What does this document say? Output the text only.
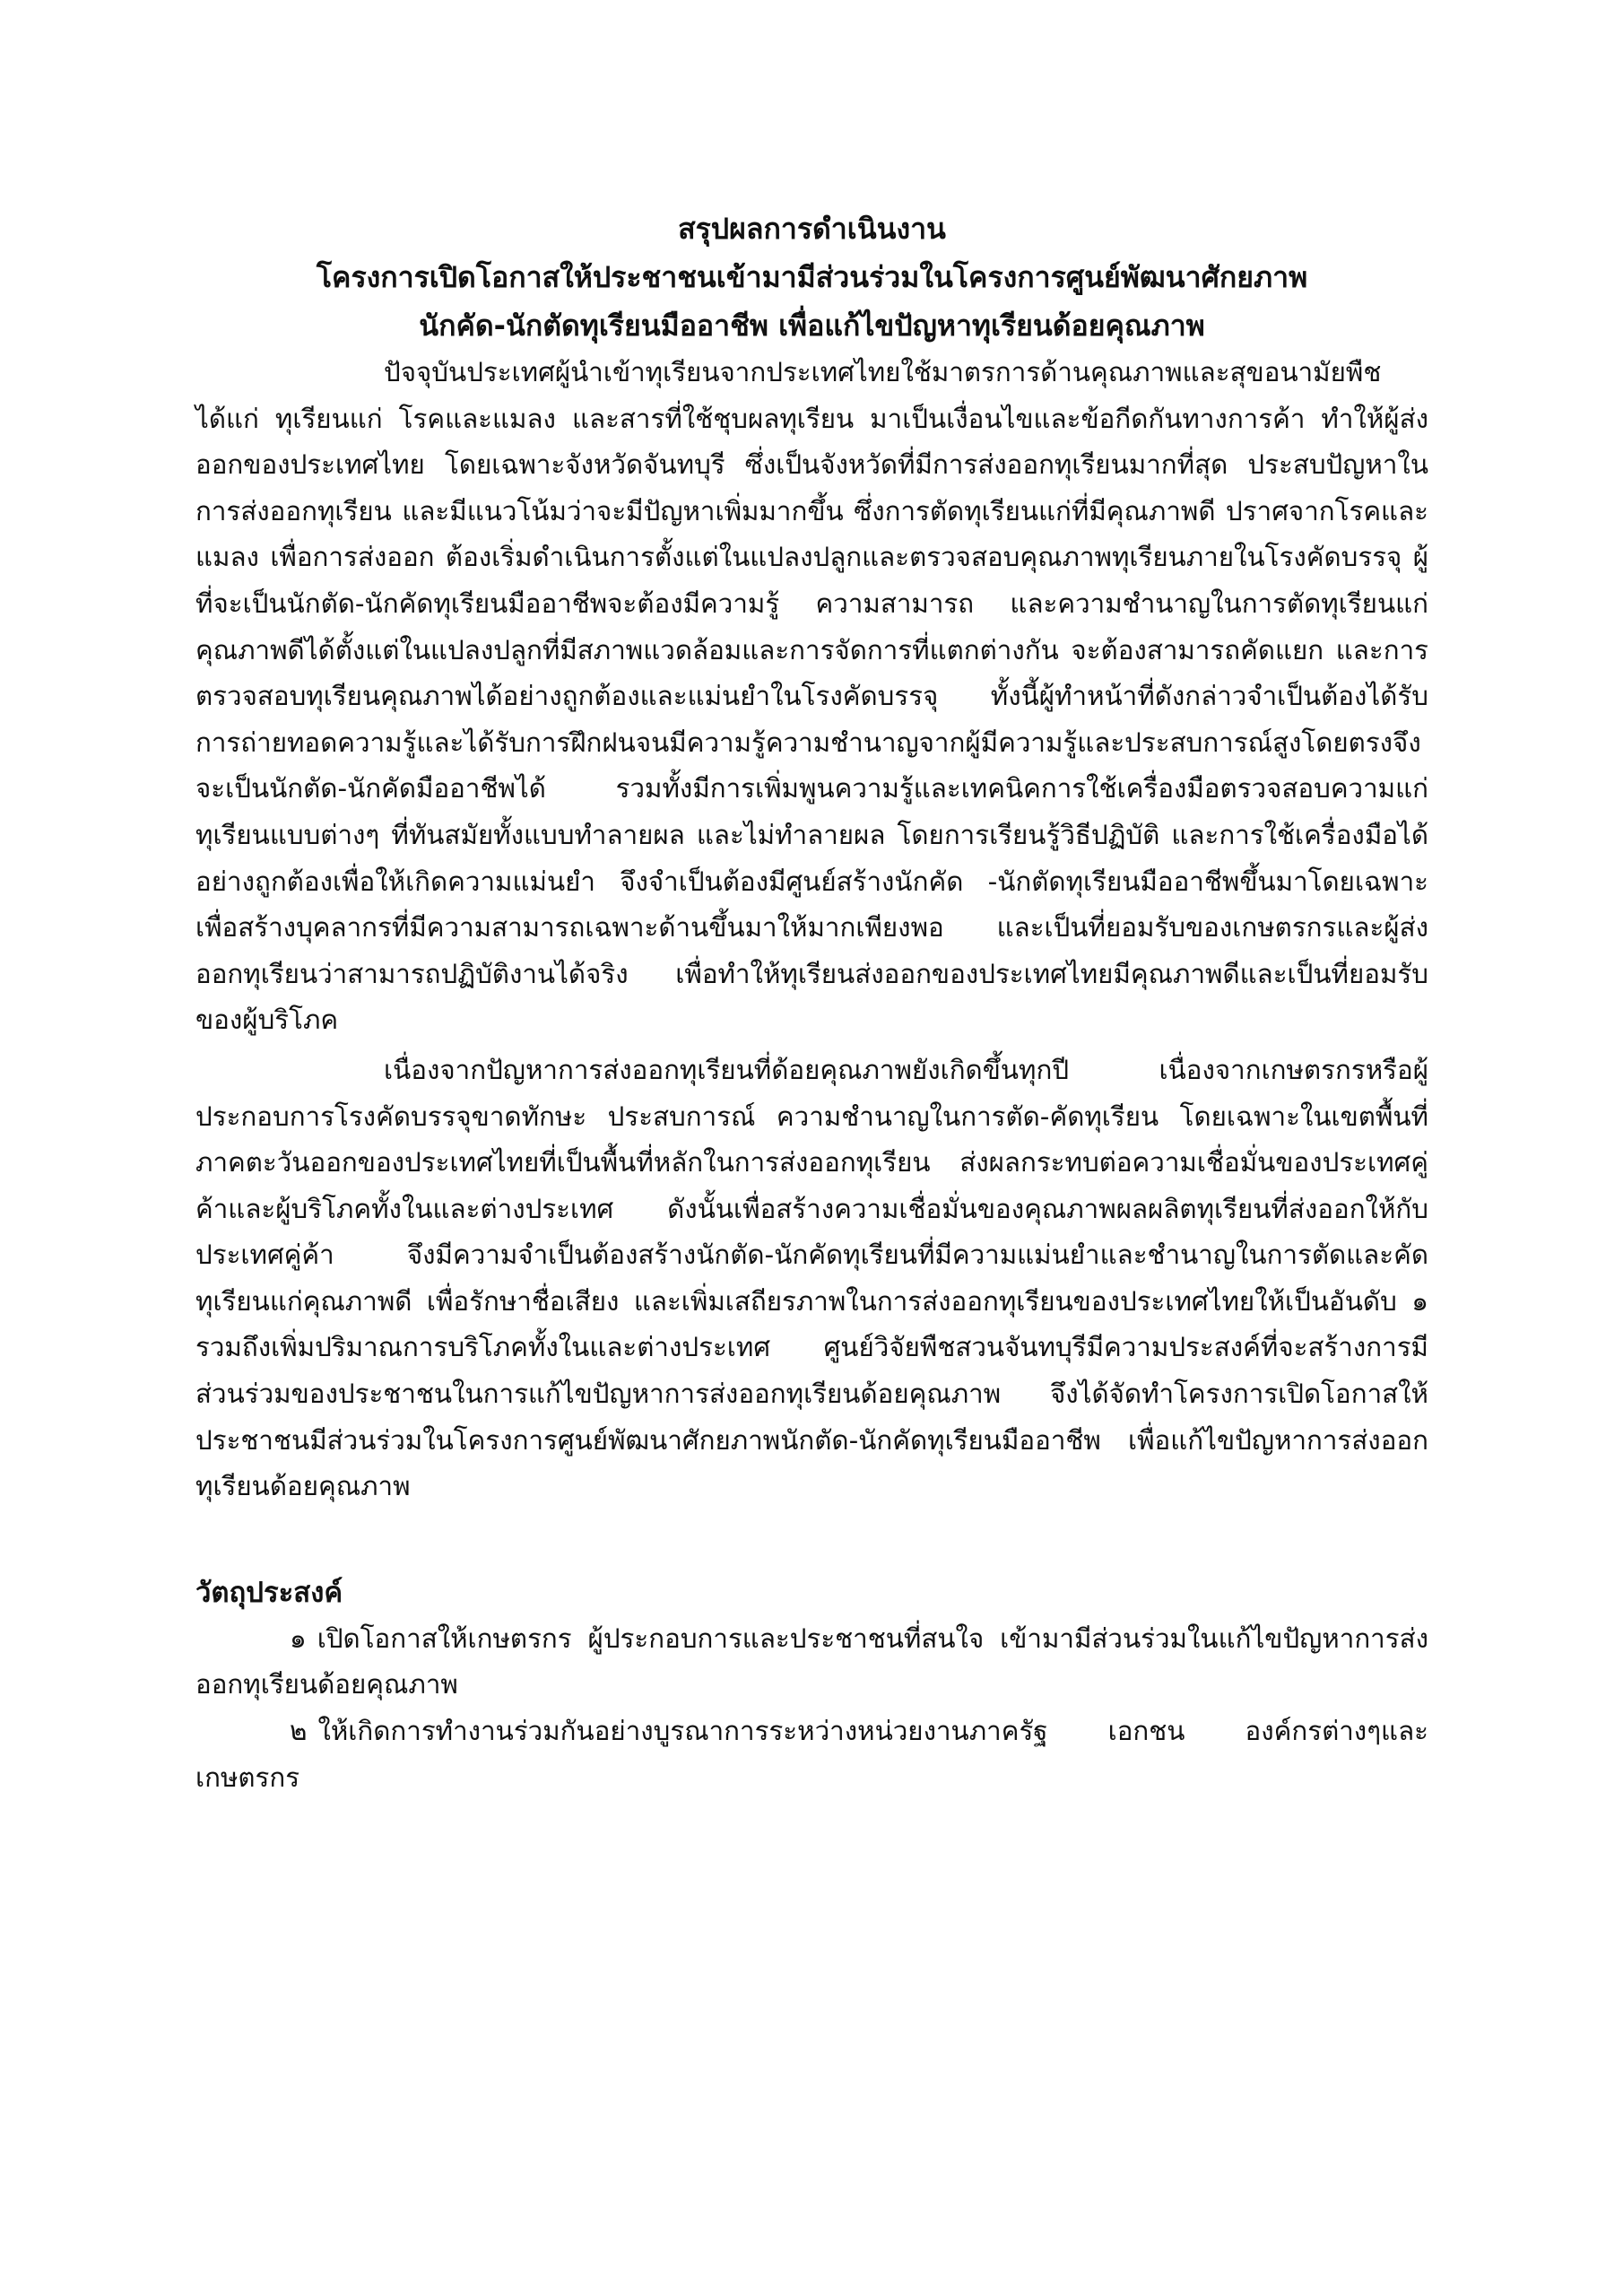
สรุปผลการดำเนินงาน
โครงการเปิดโอกาสให้ประชาชนเข้ามามีส่วนร่วมในโครงการศูนย์พัฒนาศักยภาพ
นักคัด-นักตัดทุเรียนมืออาชีพ เพื่อแก้ไขปัญหาทุเรียนด้อยคุณภาพ

ปัจจุบันประเทศผู้นำเข้าทุเรียนจากประเทศไทยใช้มาตรการด้านคุณภาพและสุขอนามัยพืช ได้แก่ ทุเรียนแก่ โรคและแมลง และสารที่ใช้ชุบผลทุเรียน มาเป็นเงื่อนไขและข้อกีดกันทางการค้า ทำให้ผู้ส่งออกของประเทศไทย โดยเฉพาะจังหวัดจันทบุรี ซึ่งเป็นจังหวัดที่มีการส่งออกทุเรียนมากที่สุด ประสบปัญหาในการส่งออกทุเรียน และมีแนวโน้มว่าจะมีปัญหาเพิ่มมากขึ้น ซึ่งการตัดทุเรียนแก่ที่มีคุณภาพดี ปราศจากโรคและแมลง เพื่อการส่งออก ต้องเริ่มดำเนินการตั้งแต่ในแปลงปลูกและตรวจสอบคุณภาพทุเรียนภายในโรงคัดบรรจุ ผู้ที่จะเป็นนักตัด-นักคัดทุเรียนมืออาชีพจะต้องมีความรู้ ความสามารถ และความชำนาญในการตัดทุเรียนแก่คุณภาพดีได้ตั้งแต่ในแปลงปลูกที่มีสภาพแวดล้อมและการจัดการที่แตกต่างกัน จะต้องสามารถคัดแยก และการตรวจสอบทุเรียนคุณภาพได้อย่างถูกต้องและแม่นยำในโรงคัดบรรจุ ทั้งนี้ผู้ทำหน้าที่ดังกล่าวจำเป็นต้องได้รับการถ่ายทอดความรู้และได้รับการฝึกฝนจนมีความรู้ความชำนาญจากผู้มีความรู้และประสบการณ์สูงโดยตรงจึงจะเป็นนักตัด-นักคัดมืออาชีพได้ รวมทั้งมีการเพิ่มพูนความรู้และเทคนิคการใช้เครื่องมือตรวจสอบความแก่ทุเรียนแบบต่างๆ ที่ทันสมัยทั้งแบบทำลายผล และไม่ทำลายผล โดยการเรียนรู้วิธีปฏิบัติ และการใช้เครื่องมือได้อย่างถูกต้องเพื่อให้เกิดความแม่นยำ จึงจำเป็นต้องมีศูนย์สร้างนักคัด -นักตัดทุเรียนมืออาชีพขึ้นมาโดยเฉพาะ เพื่อสร้างบุคลากรที่มีความสามารถเฉพาะด้านขึ้นมาให้มากเพียงพอ และเป็นที่ยอมรับของเกษตรกรและผู้ส่งออกทุเรียนว่าสามารถปฏิบัติงานได้จริง เพื่อทำให้ทุเรียนส่งออกของประเทศไทยมีคุณภาพดีและเป็นที่ยอมรับของผู้บริโภค

เนื่องจากปัญหาการส่งออกทุเรียนที่ด้อยคุณภาพยังเกิดขึ้นทุกปี เนื่องจากเกษตรกรหรือผู้ประกอบการโรงคัดบรรจุขาดทักษะ ประสบการณ์ ความชำนาญในการตัด-คัดทุเรียน โดยเฉพาะในเขตพื้นที่ภาคตะวันออกของประเทศไทยที่เป็นพื้นที่หลักในการส่งออกทุเรียน ส่งผลกระทบต่อความเชื่อมั่นของประเทศคู่ค้าและผู้บริโภคทั้งในและต่างประเทศ ดังนั้นเพื่อสร้างความเชื่อมั่นของคุณภาพผลผลิตทุเรียนที่ส่งออกให้กับประเทศคู่ค้า จึงมีความจำเป็นต้องสร้างนักตัด-นักคัดทุเรียนที่มีความแม่นยำและชำนาญในการตัดและคัดทุเรียนแก่คุณภาพดี เพื่อรักษาชื่อเสียง และเพิ่มเสถียรภาพในการส่งออกทุเรียนของประเทศไทยให้เป็นอันดับ ๑ รวมถึงเพิ่มปริมาณการบริโภคทั้งในและต่างประเทศ ศูนย์วิจัยพืชสวนจันทบุรีมีความประสงค์ที่จะสร้างการมีส่วนร่วมของประชาชนในการแก้ไขปัญหาการส่งออกทุเรียนด้อยคุณภาพ จึงได้จัดทำโครงการเปิดโอกาสให้ประชาชนมีส่วนร่วมในโครงการศูนย์พัฒนาศักยภาพนักตัด-นักคัดทุเรียนมืออาชีพ เพื่อแก้ไขปัญหาการส่งออกทุเรียนด้อยคุณภาพ

วัตถุประสงค์

๑ เปิดโอกาสให้เกษตรกร ผู้ประกอบการและประชาชนที่สนใจ เข้ามามีส่วนร่วมในแก้ไขปัญหาการส่งออกทุเรียนด้อยคุณภาพ

๒ ให้เกิดการทำงานร่วมกันอย่างบูรณาการระหว่างหน่วยงานภาครัฐ เอกชน องค์กรต่างๆและเกษตรกร
